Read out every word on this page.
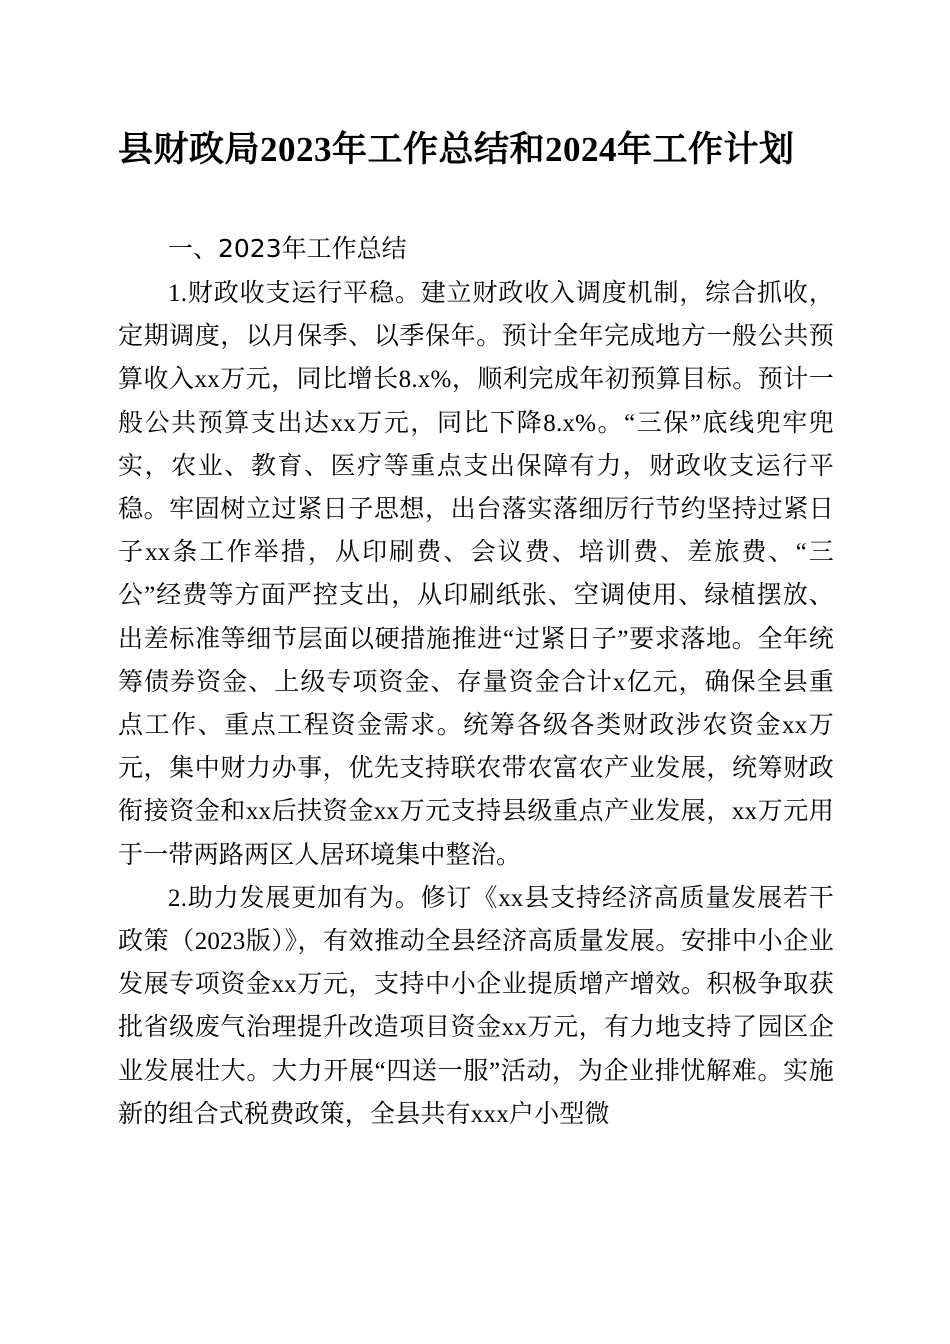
县财政局2023年工作总结和2024年工作计划
一、2023年工作总结

1.财政收支运行平稳。建立财政收入调度机制，综合抓收，定期调度，以月保季、以季保年。预计全年完成地方一般公共预算收入xx万元，同比增长8.x%，顺利完成年初预算目标。预计一般公共预算支出达xx万元，同比下降8.x%。“三保”底线兜牢兜实，农业、教育、医疗等重点支出保障有力，财政收支运行平稳。牢固树立过紧日子思想，出台落实落细厉行节约坚持过紧日子xx条工作举措，从印刷费、会议费、培训费、差旅费、“三公”经费等方面严控支出，从印刷纸张、空调使用、绿植摆放、出差标准等细节层面以硬措施推进“过紧日子”要求落地。全年统筹债券资金、上级专项资金、存量资金合计x亿元，确保全县重点工作、重点工程资金需求。统筹各级各类财政涉农资金xx万元，集中财力办事，优先支持联农带农富农产业发展，统筹财政衔接资金和xx后扶资金xx万元支持县级重点产业发展，xx万元用于一带两路两区人居环境集中整治。

2.助力发展更加有为。修订《xx县支持经济高质量发展若干政策（2023版）》，有效推动全县经济高质量发展。安排中小企业发展专项资金xx万元，支持中小企业提质增产增效。积极争取获批省级废气治理提升改造项目资金xx万元，有力地支持了园区企业发展壮大。大力开展“四送一服”活动，为企业排忧解难。实施新的组合式税费政策，全县共有xxx户小型微
